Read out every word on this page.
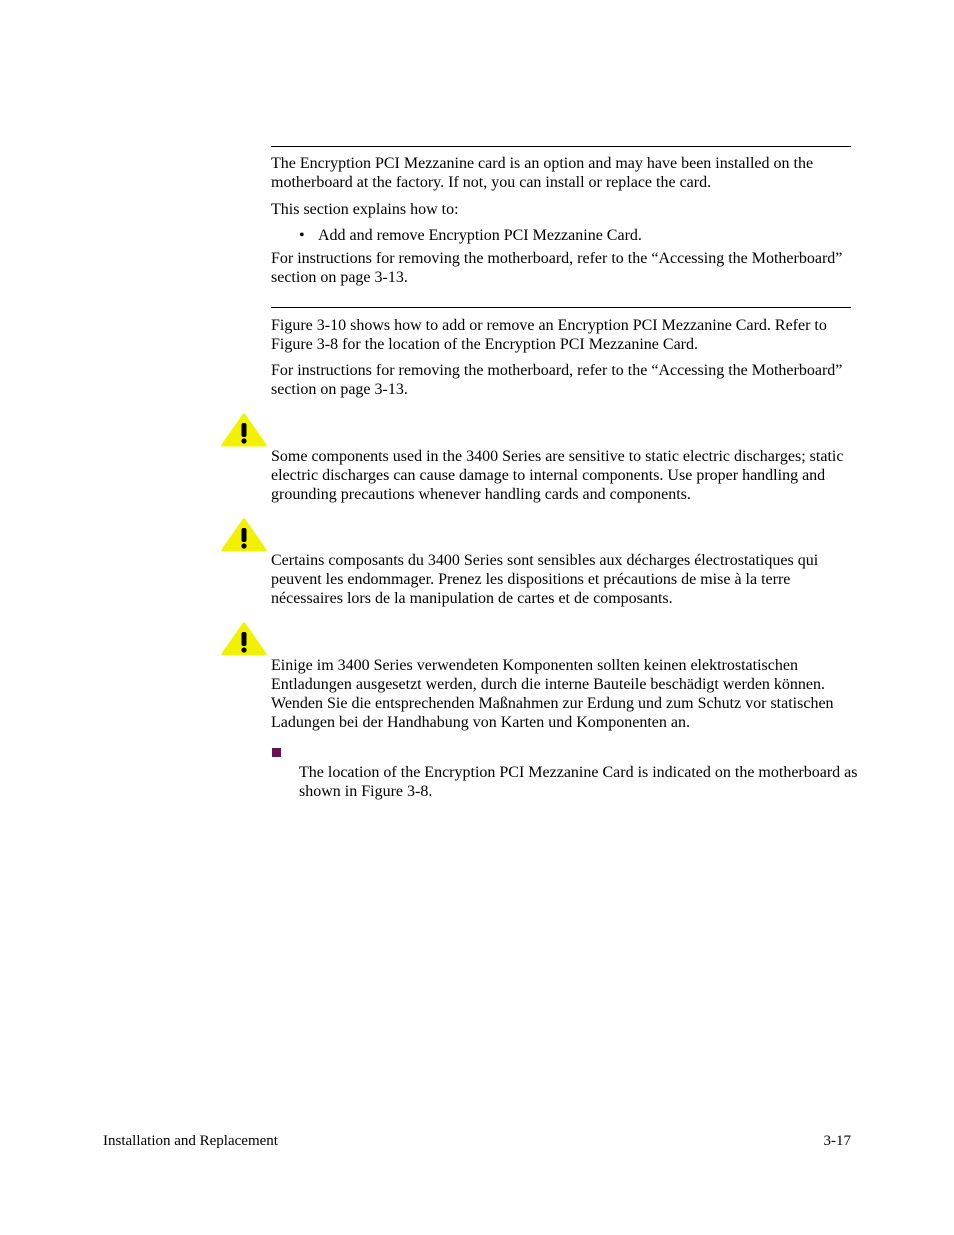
The Encryption PCI Mezzanine card is an option and may have been installed on the motherboard at the factory. If not, you can install or replace the card.

This section explains how to:

• Add and remove Encryption PCI Mezzanine Card.

For instructions for removing the motherboard, refer to the “Accessing the Motherboard” section on page 3-13.

Figure 3-10 shows how to add or remove an Encryption PCI Mezzanine Card. Refer to Figure 3-8 for the location of the Encryption PCI Mezzanine Card.

For instructions for removing the motherboard, refer to the “Accessing the Motherboard” section on page 3-13.

Some components used in the 3400 Series are sensitive to static electric discharges; static electric discharges can cause damage to internal components. Use proper handling and grounding precautions whenever handling cards and components.

Certains composants du 3400 Series sont sensibles aux décharges électrostatiques qui peuvent les endommager. Prenez les dispositions et précautions de mise à la terre nécessaires lors de la manipulation de cartes et de composants.

Einige im 3400 Series verwendeten Komponenten sollten keinen elektrostatischen Entladungen ausgesetzt werden, durch die interne Bauteile beschädigt werden können. Wenden Sie die entsprechenden Maßnahmen zur Erdung und zum Schutz vor statischen Ladungen bei der Handhabung von Karten und Komponenten an.

The location of the Encryption PCI Mezzanine Card is indicated on the motherboard as shown in Figure 3-8.

Installation and Replacement	3-17
